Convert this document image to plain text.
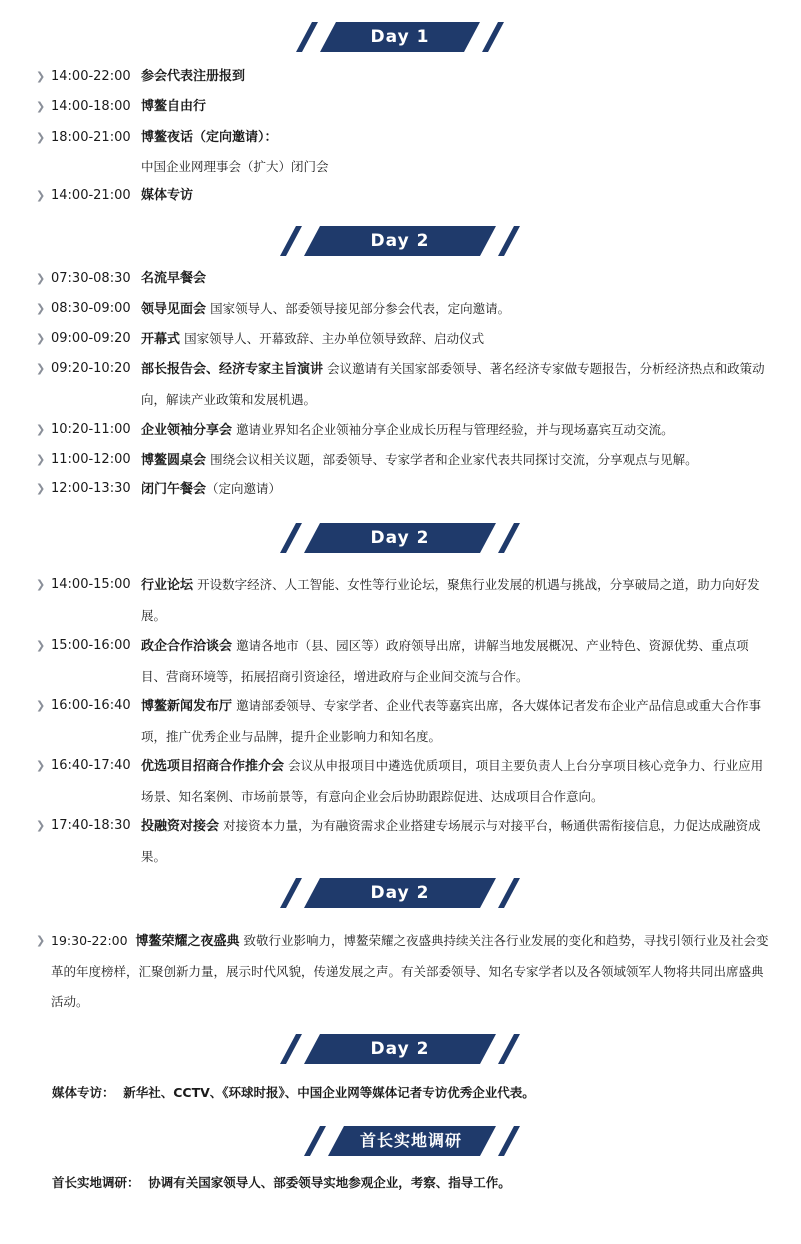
Day 1
❯ 14:00-22:00 参会代表注册报到
❯ 14:00-18:00 博鳌自由行
❯ 18:00-21:00 博鳌夜话（定向邀请）：
中国企业网理事会（扩大）闭门会
❯ 14:00-21:00 媒体专访
Day 2
❯ 07:30-08:30 名流早餐会
❯ 08:30-09:00 领导见面会 国家领导人、部委领导接见部分参会代表，定向邀请。
❯ 09:00-09:20 开幕式 国家领导人、开幕致辞、主办单位领导致辞、启动仪式
❯ 09:20-10:20 部长报告会、经济专家主旨演讲 会议邀请有关国家部委领导、著名经济专家做专题报告，分析经济热点和政策动向，解读产业政策和发展机遇。
❯ 10:20-11:00 企业领袖分享会 邀请业界知名企业领袖分享企业成长历程与管理经验，并与现场嘉宾互动交流。
❯ 11:00-12:00 博鳌圆桌会 围绕会议相关议题，部委领导、专家学者和企业家代表共同探讨交流，分享观点与见解。
❯ 12:00-13:30 闭门午餐会（定向邀请）
Day 2
❯ 14:00-15:00 行业论坛 开设数字经济、人工智能、女性等行业论坛，聚焦行业发展的机遇与挑战，分享破局之道，助力向好发展。
❯ 15:00-16:00 政企合作洽谈会 邀请各地市（县、园区等）政府领导出席，讲解当地发展概况、产业特色、资源优势、重点项目、营商环境等，拓展招商引资途径，增进政府与企业间交流与合作。
❯ 16:00-16:40 博鳌新闻发布厅 邀请部委领导、专家学者、企业代表等嘉宾出席，各大媒体记者发布企业产品信息或重大合作事项，推广优秀企业与品牌，提升企业影响力和知名度。
❯ 16:40-17:40 优选项目招商合作推介会 会议从申报项目中遴选优质项目，项目主要负责人上台分享项目核心竞争力、行业应用场景、知名案例、市场前景等，有意向企业会后协助跟踪促进、达成项目合作意向。
❯ 17:40-18:30 投融资对接会 对接资本力量，为有融资需求企业搭建专场展示与对接平台，畅通供需衔接信息，力促达成融资成果。
Day 2
❯ 19:30-22:00 博鳌荣耀之夜盛典 致敬行业影响力，博鳌荣耀之夜盛典持续关注各行业发展的变化和趋势，寻找引领行业及社会变革的年度榜样，汇聚创新力量，展示时代风貌，传递发展之声。有关部委领导、知名专家学者以及各领域领军人物将共同出席盛典活动。
Day 2
媒体专访： 新华社、CCTV、《环球时报》、中国企业网等媒体记者专访优秀企业代表。
首长实地调研
首长实地调研： 协调有关国家领导人、部委领导实地参观企业，考察、指导工作。
